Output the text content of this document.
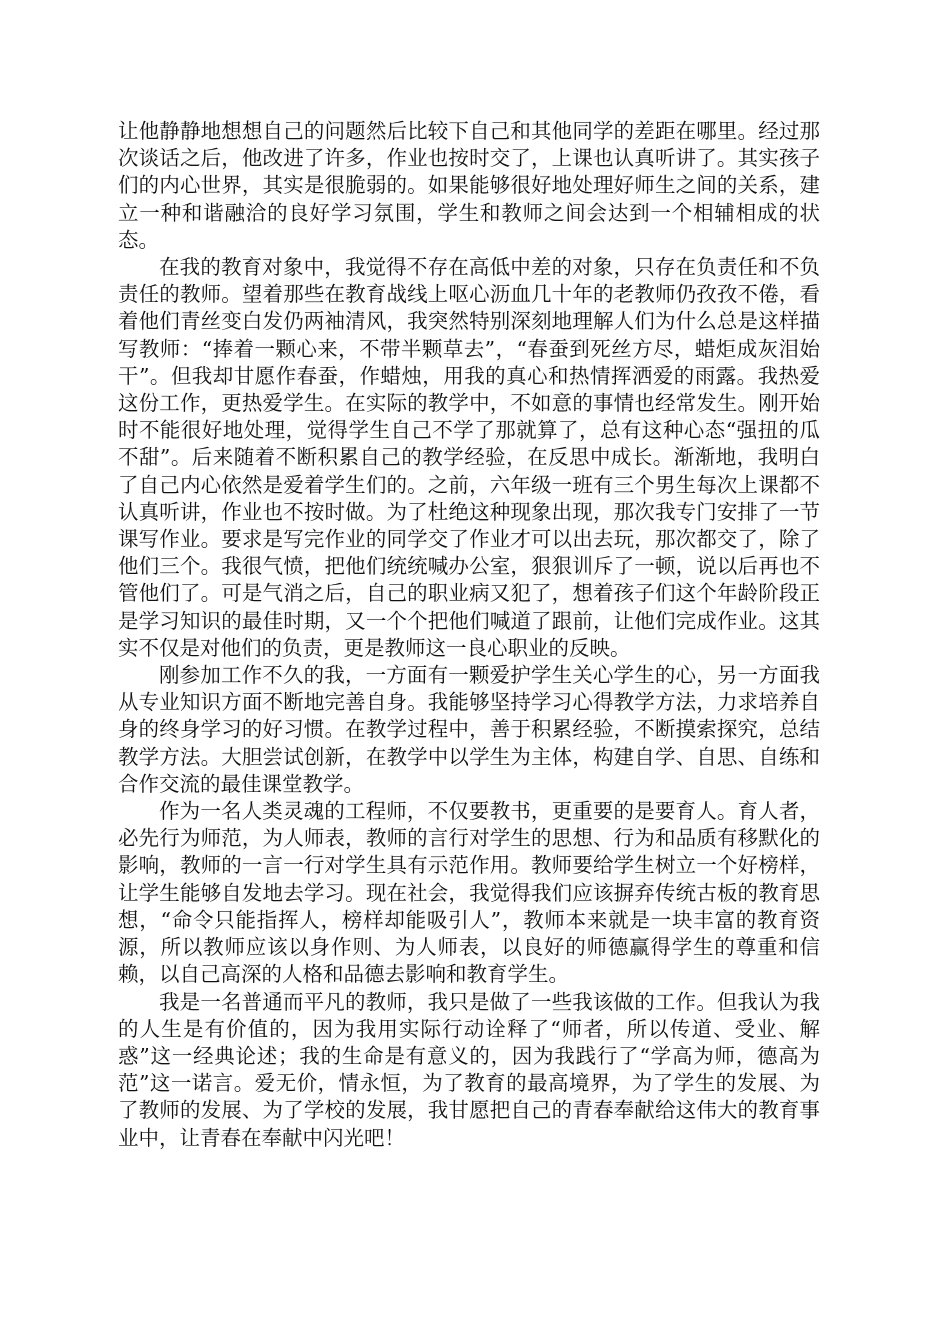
让他静静地想想自己的问题然后比较下自己和其他同学的差距在哪里。经过那次谈话之后，他改进了许多，作业也按时交了，上课也认真听讲了。其实孩子们的内心世界，其实是很脆弱的。如果能够很好地处理好师生之间的关系，建立一种和谐融洽的良好学习氛围，学生和教师之间会达到一个相辅相成的状态。

在我的教育对象中，我觉得不存在高低中差的对象，只存在负责任和不负责任的教师。望着那些在教育战线上呕心沥血几十年的老教师仍孜孜不倦，看着他们青丝变白发仍两袖清风，我突然特别深刻地理解人们为什么总是这样描写教师：“捧着一颗心来，不带半颗草去”，“春蚕到死丝方尽，蜡炬成灰泪始干”。但我却甘愿作春蚕，作蜡烛，用我的真心和热情挥洒爱的雨露。我热爱这份工作，更热爱学生。在实际的教学中，不如意的事情也经常发生。刚开始时不能很好地处理，觉得学生自己不学了那就算了，总有这种心态“强扭的瓜不甜”。后来随着不断积累自己的教学经验，在反思中成长。渐渐地，我明白了自己内心依然是爱着学生们的。之前，六年级一班有三个男生每次上课都不认真听讲，作业也不按时做。为了杜绝这种现象出现，那次我专门安排了一节课写作业。要求是写完作业的同学交了作业才可以出去玩，那次都交了，除了他们三个。我很气愤，把他们统统喊办公室，狠狠训斥了一顿，说以后再也不管他们了。可是气消之后，自己的职业病又犯了，想着孩子们这个年龄阶段正是学习知识的最佳时期，又一个个把他们喊道了跟前，让他们完成作业。这其实不仅是对他们的负责，更是教师这一良心职业的反映。

刚参加工作不久的我，一方面有一颗爱护学生关心学生的心，另一方面我从专业知识方面不断地完善自身。我能够坚持学习心得教学方法，力求培养自身的终身学习的好习惯。在教学过程中，善于积累经验，不断摸索探究，总结教学方法。大胆尝试创新，在教学中以学生为主体，构建自学、自思、自练和合作交流的最佳课堂教学。

作为一名人类灵魂的工程师，不仅要教书，更重要的是要育人。育人者，必先行为师范，为人师表，教师的言行对学生的思想、行为和品质有移默化的影响，教师的一言一行对学生具有示范作用。教师要给学生树立一个好榜样，让学生能够自发地去学习。现在社会，我觉得我们应该摒弃传统古板的教育思想，“命令只能指挥人，榜样却能吸引人”，教师本来就是一块丰富的教育资源，所以教师应该以身作则、为人师表，以良好的师德赢得学生的尊重和信赖，以自己高深的人格和品德去影响和教育学生。

我是一名普通而平凡的教师，我只是做了一些我该做的工作。但我认为我的人生是有价值的，因为我用实际行动诠释了“师者，所以传道、受业、解惑”这一经典论述；我的生命是有意义的，因为我践行了“学高为师，德高为范”这一诺言。爱无价，情永恒，为了教育的最高境界，为了学生的发展、为了教师的发展、为了学校的发展，我甘愿把自己的青春奉献给这伟大的教育事业中，让青春在奉献中闪光吧！
